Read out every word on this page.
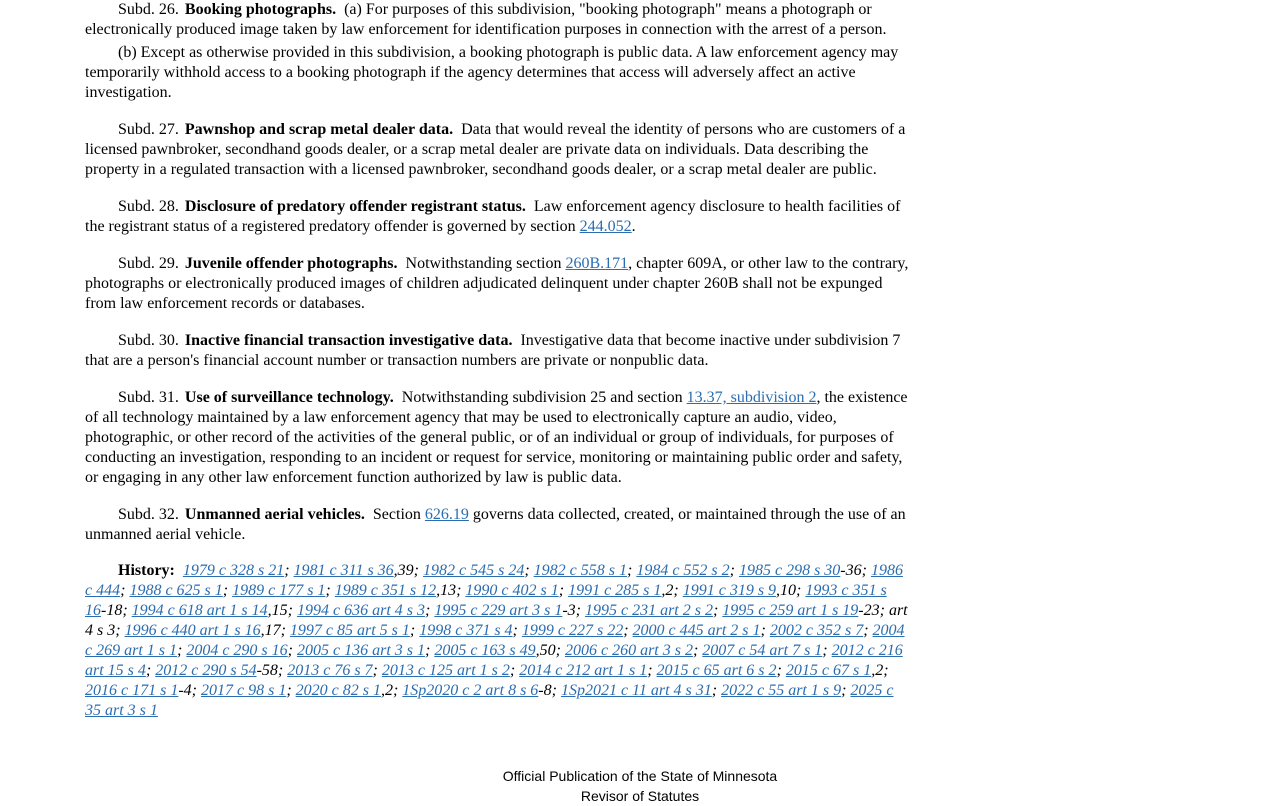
Subd. 26. Booking photographs. (a) For purposes of this subdivision, "booking photograph" means a photograph or electronically produced image taken by law enforcement for identification purposes in connection with the arrest of a person.

(b) Except as otherwise provided in this subdivision, a booking photograph is public data. A law enforcement agency may temporarily withhold access to a booking photograph if the agency determines that access will adversely affect an active investigation.

Subd. 27. Pawnshop and scrap metal dealer data. Data that would reveal the identity of persons who are customers of a licensed pawnbroker, secondhand goods dealer, or a scrap metal dealer are private data on individuals. Data describing the property in a regulated transaction with a licensed pawnbroker, secondhand goods dealer, or a scrap metal dealer are public.

Subd. 28. Disclosure of predatory offender registrant status. Law enforcement agency disclosure to health facilities of the registrant status of a registered predatory offender is governed by section 244.052.

Subd. 29. Juvenile offender photographs. Notwithstanding section 260B.171, chapter 609A, or other law to the contrary, photographs or electronically produced images of children adjudicated delinquent under chapter 260B shall not be expunged from law enforcement records or databases.

Subd. 30. Inactive financial transaction investigative data. Investigative data that become inactive under subdivision 7 that are a person's financial account number or transaction numbers are private or nonpublic data.

Subd. 31. Use of surveillance technology. Notwithstanding subdivision 25 and section 13.37, subdivision 2, the existence of all technology maintained by a law enforcement agency that may be used to electronically capture an audio, video, photographic, or other record of the activities of the general public, or of an individual or group of individuals, for purposes of conducting an investigation, responding to an incident or request for service, monitoring or maintaining public order and safety, or engaging in any other law enforcement function authorized by law is public data.

Subd. 32. Unmanned aerial vehicles. Section 626.19 governs data collected, created, or maintained through the use of an unmanned aerial vehicle.

History: 1979 c 328 s 21; 1981 c 311 s 36,39; 1982 c 545 s 24; 1982 c 558 s 1; 1984 c 552 s 2; 1985 c 298 s 30-36; 1986 c 444; 1988 c 625 s 1; 1989 c 177 s 1; 1989 c 351 s 12,13; 1990 c 402 s 1; 1991 c 285 s 1,2; 1991 c 319 s 9,10; 1993 c 351 s 16-18; 1994 c 618 art 1 s 14,15; 1994 c 636 art 4 s 3; 1995 c 229 art 3 s 1-3; 1995 c 231 art 2 s 2; 1995 c 259 art 1 s 19-23; art 4 s 3; 1996 c 440 art 1 s 16,17; 1997 c 85 art 5 s 1; 1998 c 371 s 4; 1999 c 227 s 22; 2000 c 445 art 2 s 1; 2002 c 352 s 7; 2004 c 269 art 1 s 1; 2004 c 290 s 16; 2005 c 136 art 3 s 1; 2005 c 163 s 49,50; 2006 c 260 art 3 s 2; 2007 c 54 art 7 s 1; 2012 c 216 art 15 s 4; 2012 c 290 s 54-58; 2013 c 76 s 7; 2013 c 125 art 1 s 2; 2014 c 212 art 1 s 1; 2015 c 65 art 6 s 2; 2015 c 67 s 1,2; 2016 c 171 s 1-4; 2017 c 98 s 1; 2020 c 82 s 1,2; 1Sp2020 c 2 art 8 s 6-8; 1Sp2021 c 11 art 4 s 31; 2022 c 55 art 1 s 9; 2025 c 35 art 3 s 1

Official Publication of the State of Minnesota
Revisor of Statutes
